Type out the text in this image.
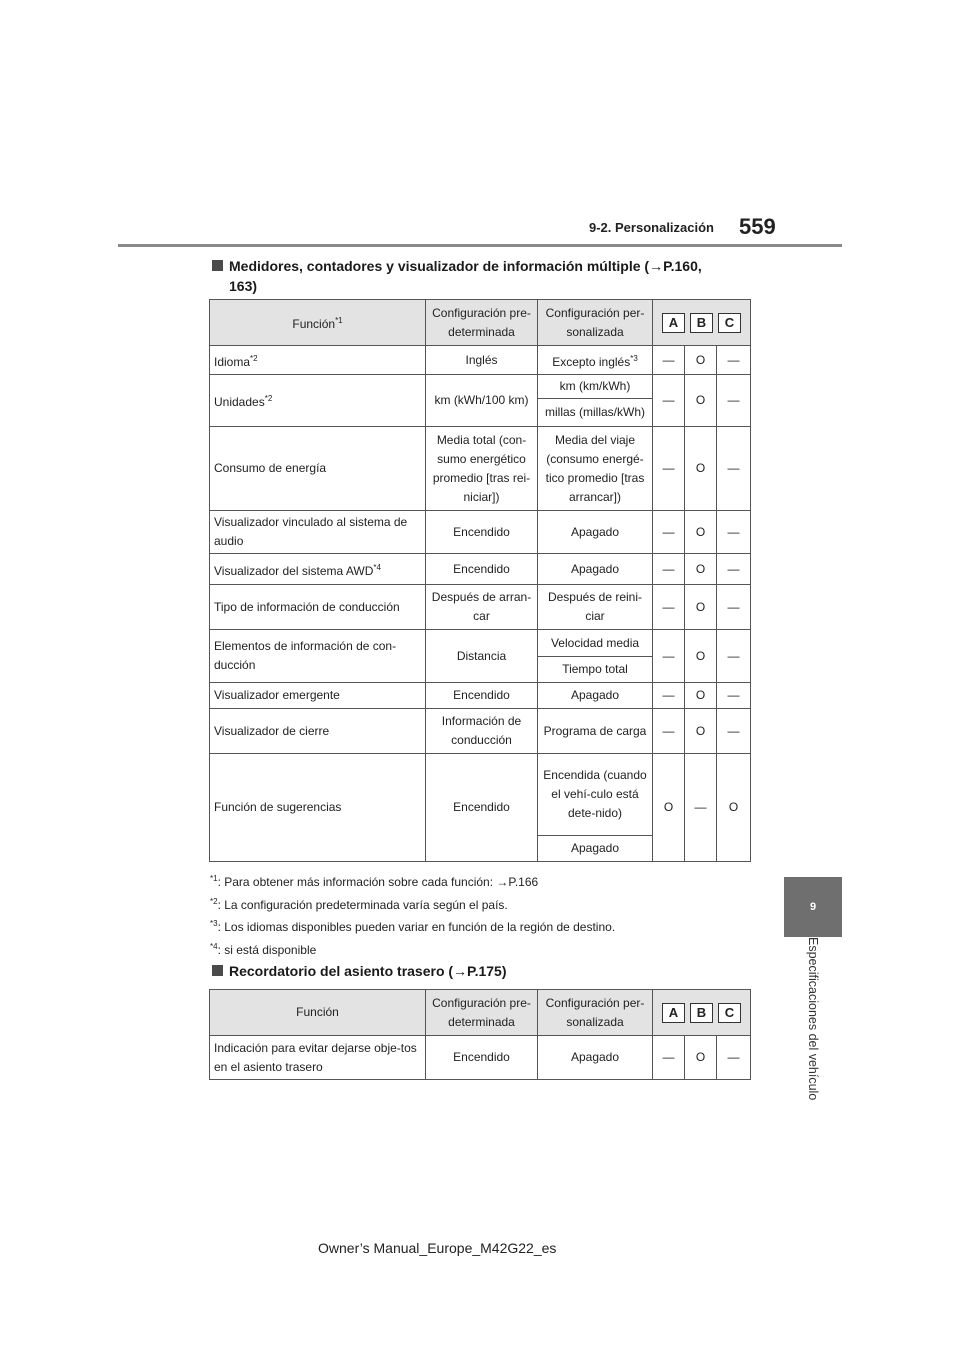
9-2. Personalización 559
9
Especificaciones del vehículo
Medidores, contadores y visualizador de información múltiple (→P.160,
163)
Función$^{*1}$	Configuración pre-determinada	Configuración per-sonalizada	A B C		

Idioma$^{*2}$	Inglés	Excepto inglés$^{*3}$	—	O	—
Unidades$^{*2}$	km (kWh/100 km)	km (km/kWh)	—	O	—
		millas (millas/kWh)			
Consumo de energía	Media total (con-sumo energético promedio [tras rei-niciar])	Media del viaje (consumo energé-tico promedio [tras arrancar])	—	O	—
Visualizador vinculado al sistema de audio	Encendido	Apagado	—	O	—
Visualizador del sistema AWD$^{*4}$	Encendido	Apagado	—	O	—
Tipo de información de conducción	Después de arran-car	Después de reini-ciar	—	O	—
Elementos de información de con-ducción	Distancia	Velocidad media	—	O	—
		Tiempo total			
Visualizador emergente	Encendido	Apagado	—	O	—
Visualizador de cierre	Información de conducción	Programa de carga	—	O	—
Función de sugerencias	Encendido	Encendida (cuando el vehí-culo está dete-nido)	O	—	O
		Apagado			
$^{*1}$: Para obtener más información sobre cada función: →P.166
$^{*2}$: La configuración predeterminada varía según el país.
$^{*3}$: Los idiomas disponibles pueden variar en función de la región de destino.
$^{*4}$: si está disponible
Recordatorio del asiento trasero (→P.175)
Función	Configuración pre-determinada	Configuración per-sonalizada	A B C		

Indicación para evitar dejarse obje-tos en el asiento trasero	Encendido	Apagado	—	O	—
Owner’s Manual_Europe_M42G22_es
